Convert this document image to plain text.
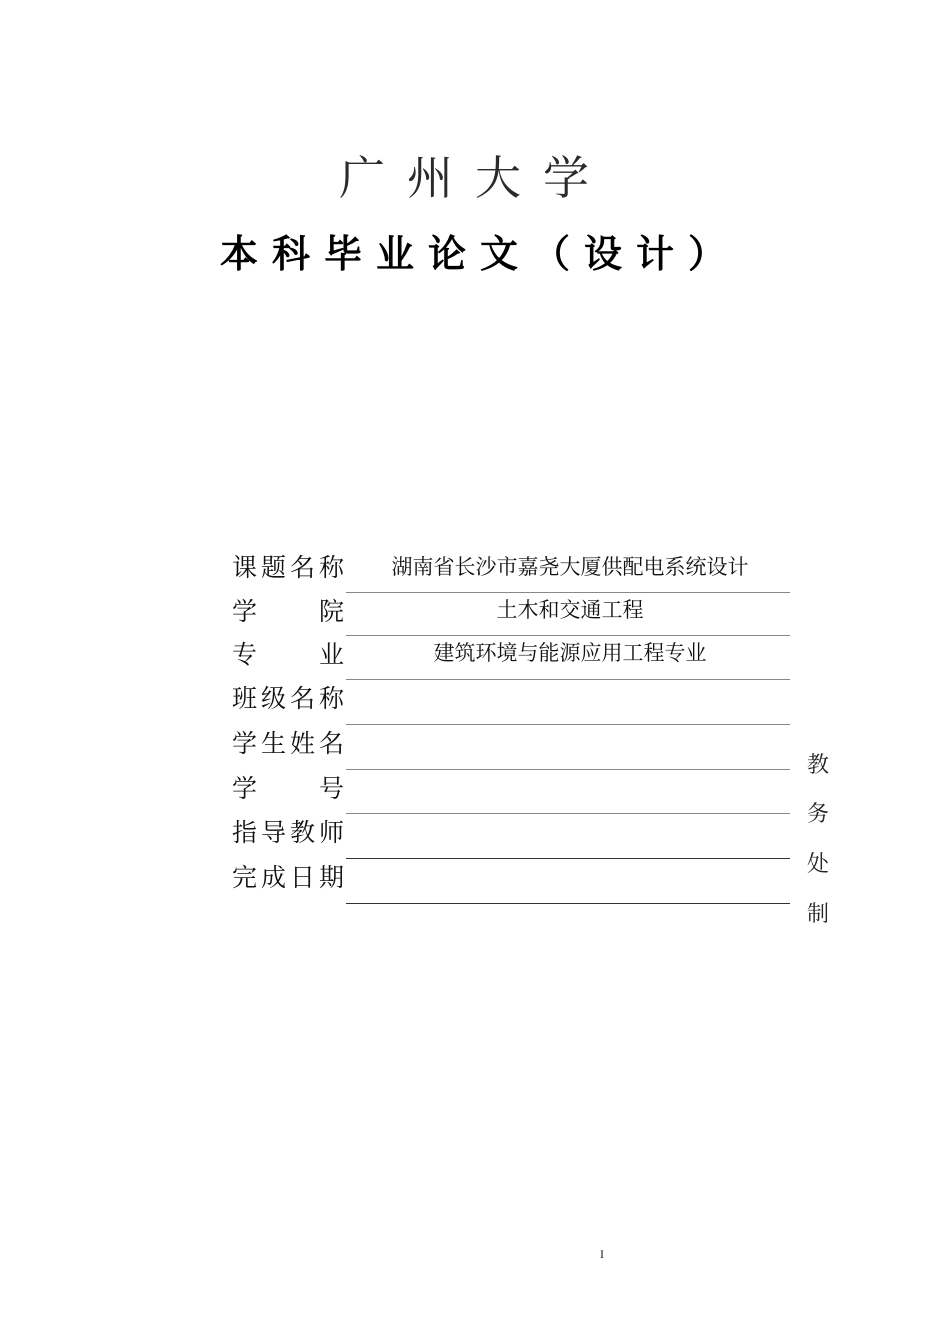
广州大学
本科毕业论文（设计）
课 题 名 称	湖南省长沙市嘉尧大厦供配电系统设计
学 院	土木和交通工程
专 业	建筑环境与能源应用工程专业
班 级 名 称
学 生 姓 名
学 号
指 导 教 师
完 成 日 期
教
务
处
制
I
